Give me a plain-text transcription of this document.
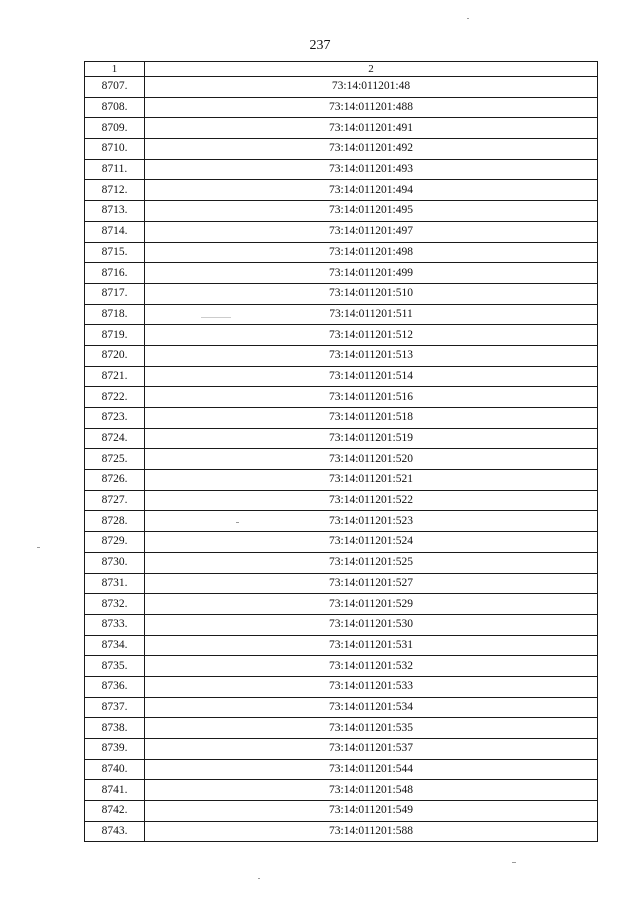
237
1	2
8707.	73:14:011201:48
8708.	73:14:011201:488
8709.	73:14:011201:491
8710.	73:14:011201:492
8711.	73:14:011201:493
8712.	73:14:011201:494
8713.	73:14:011201:495
8714.	73:14:011201:497
8715.	73:14:011201:498
8716.	73:14:011201:499
8717.	73:14:011201:510
8718.	73:14:011201:511
8719.	73:14:011201:512
8720.	73:14:011201:513
8721.	73:14:011201:514
8722.	73:14:011201:516
8723.	73:14:011201:518
8724.	73:14:011201:519
8725.	73:14:011201:520
8726.	73:14:011201:521
8727.	73:14:011201:522
8728.	73:14:011201:523
8729.	73:14:011201:524
8730.	73:14:011201:525
8731.	73:14:011201:527
8732.	73:14:011201:529
8733.	73:14:011201:530
8734.	73:14:011201:531
8735.	73:14:011201:532
8736.	73:14:011201:533
8737.	73:14:011201:534
8738.	73:14:011201:535
8739.	73:14:011201:537
8740.	73:14:011201:544
8741.	73:14:011201:548
8742.	73:14:011201:549
8743.	73:14:011201:588
